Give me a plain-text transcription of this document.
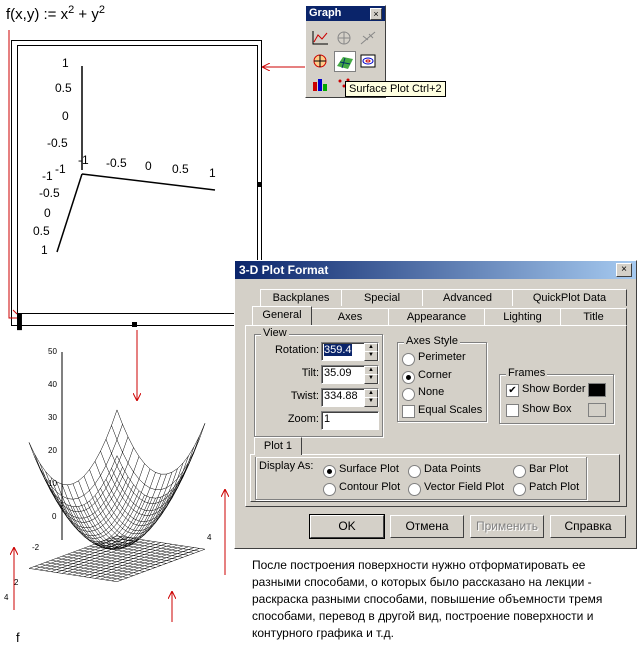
f(x,y) := $x^2 + y^2$
▌
1
0.5
0
-0.5
-1
-1 -0.5 0 0.5 1
-1
-0.5
0
0.5
1
Graph	×
Surface Plot Ctrl+2
3-D Plot Format	×
Backplanes	Special	Advanced	QuickPlot Data
General	Axes	Appearance	Lighting	Title
View
Rotation: 359.4	▲
▼
Tilt: 35.09	▲
▼
Twist: 334.88	▲
▼
Zoom: 1
Axes Style
Perimeter
Corner
None
Equal Scales
Frames
✔ Show Border
Show Box
Plot 1
Display As: Surface Plot Data Points	Bar Plot
Contour Plot Vector Field Plot Patch Plot
OK	Отмена	Применить	Справка
50
40
30
20
10
0
-2
4
2
4
f
После построения поверхности нужно отформатировать ее разными способами, о которых было рассказано на лекции - раскраска разными способами, повышение объемности тремя способами, перевод в другой вид, построение поверхности и контурного графика и т.д.
